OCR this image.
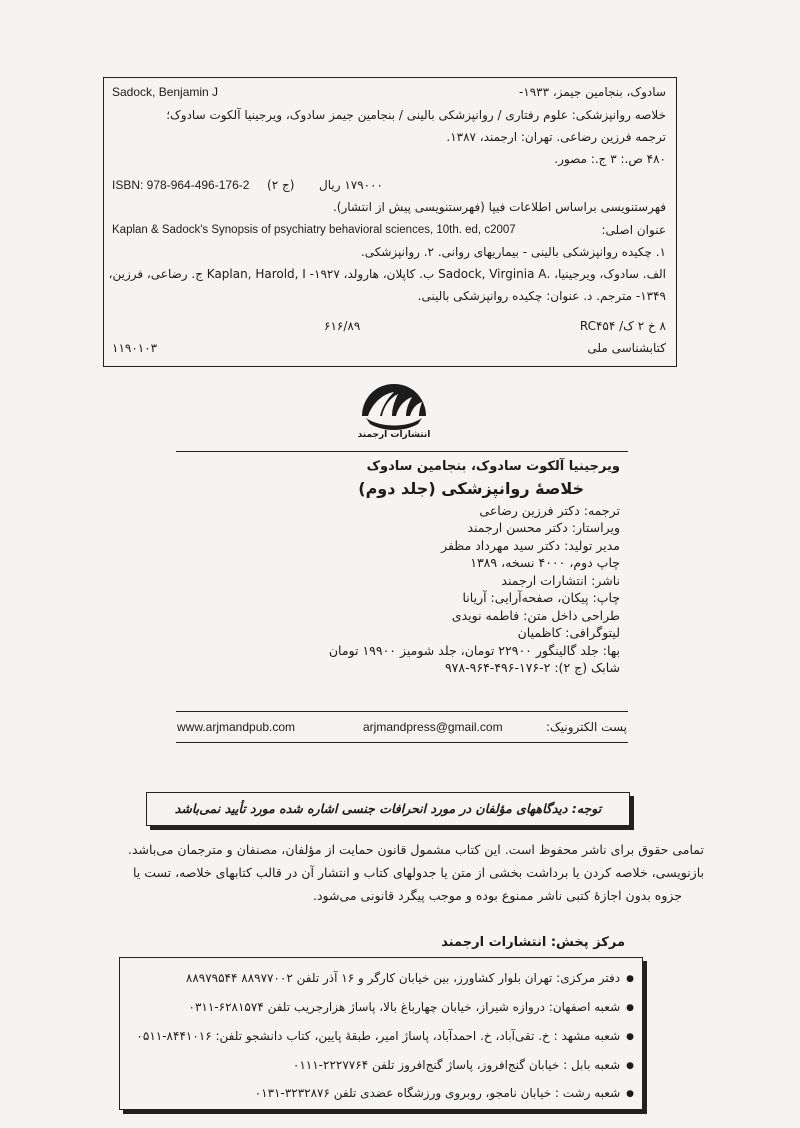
Sadock, Benjamin J	سادوک، بنجامین جیمز، ۱۹۳۳-
خلاصه روانپزشکی: علوم رفتاری / روانپزشکی بالینی / بنجامین جیمز سادوک، ویرجینیا آلکوت سادوک؛
ترجمه فرزین رضاعی. تهران: ارجمند، ۱۳۸۷.
۴۸۰ ص.: ۳ ج.: مصور.
ISBN: 978-964-496-176-2	۱۷۹۰۰۰ ریال
(ج ۲)
فهرستنویسی براساس اطلاعات فیپا (فهرستنویسی پیش از انتشار).
عنوان اصلی:
Kaplan & Sadock's Synopsis of psychiatry behavioral sciences, 10th. ed, c2007
۱. چکیده روانپزشکی بالینی - بیماریهای روانی. ۲. روانپزشکی.
الف. سادوک، ویرجینیا، .Sadock, Virginia A ب. کاپلان، هارولد، ۱۹۲۷- Kaplan, Harold, I ج. رضاعی، فرزین،
۱۳۴۹- مترجم. د. عنوان: چکیده روانپزشکی بالینی.
۸ خ ۲ ک/ RC۴۵۴
۶۱۶/۸۹
کتابشناسی ملی
۱۱۹۰۱۰۳
انتشارات ارجمند
ویرجینیا آلکوت سادوک، بنجامین سادوک
خلاصهٔ روانپزشکی (جلد دوم)
ترجمه: دکتر فرزین رضاعی
ویراستار: دکتر محسن ارجمند
مدیر تولید: دکتر سید مهرداد مظفر
چاپ دوم، ۴۰۰۰ نسخه، ۱۳۸۹
ناشر: انتشارات ارجمند
چاپ: پیکان، صفحه‌آرایی: آریانا
طراحی داخل متن: فاطمه نویدی
لیتوگرافی: کاظمیان
بها: جلد گالینگور ۲۲۹۰۰ تومان، جلد شومیز ۱۹۹۰۰ تومان
شابک (ج ۲): ۲-۱۷۶-۴۹۶-۹۶۴-۹۷۸
پست الکترونیک:
arjmandpress@gmail.com
www.arjmandpub.com
توجه: دیدگاههای مؤلفان در مورد انحرافات جنسی اشاره شده مورد تأیید نمی‌باشد
تمامی حقوق برای ناشر محفوظ است. این کتاب مشمول قانون حمایت از مؤلفان، مصنفان و مترجمان می‌باشد.
بازنویسی، خلاصه کردن یا برداشت بخشی از متن یا جدولهای کتاب و انتشار آن در قالب کتابهای خلاصه، تست یا
جزوه بدون اجازهٔ کتبی ناشر ممنوع بوده و موجب پیگرد قانونی می‌شود.
مرکز پخش: انتشارات ارجمند
● دفتر مرکزی: تهران بلوار کشاورز، بین خیابان کارگر و ۱۶ آذر تلفن ۸۸۹۷۷۰۰۲ ۸۸۹۷۹۵۴۴
● شعبه اصفهان: دروازه شیراز، خیابان چهارباغ بالا، پاساژ هزارجریب تلفن ۶۲۸۱۵۷۴-۰۳۱۱
● شعبه مشهد : خ. تقی‌آباد، خ. احمدآباد، پاساژ امیر، طبقهٔ پایین، کتاب دانشجو تلفن: ۸۴۴۱۰۱۶-۰۵۱۱
● شعبه بابل : خیابان گنج‌افروز، پاساژ گنج‌افروز تلفن ۲۲۲۷۷۶۴-۰۱۱۱
● شعبه رشت : خیابان نامجو، روبروی ورزشگاه عضدی تلفن ۳۲۳۲۸۷۶-۰۱۳۱
